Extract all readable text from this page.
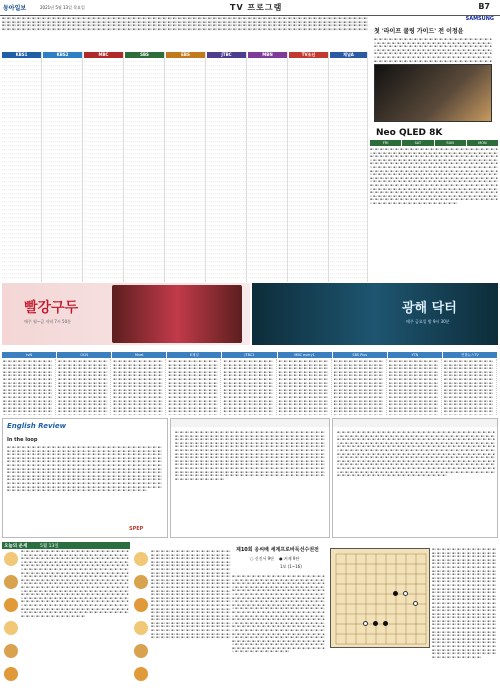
동아일보	2021년 5월 13일 목요일	TV 프로그램	B7
▪▫ ▪▫ ▪▫ ▪▫ ▪▫ ▪▫ ▪▫ ▪▫ ▪▫ ▪▫ ▪▫ ▪▫ ▪▫ ▪▫ ▪▫ ▪▫ ▪▫ ▪▫ ▪▫ ▪▫ ▪▫ ▪▫ ▪▫ ▪▫ ▪▫ ▪▫ ▪▫ ▪▫ ▪▫ ▪▫ ▪▫ ▪▫ ▪▫ ▪▫ ▪▫ ▪▫ ▪▫ ▪▫ ▪▫ ▪▫ ▪▫ ▪▫ ▪▫ ▪▫ ▪▫ ▪▫ ▪▫ ▪▫ ▪▫ ▪▫ ▪▫ ▪▫ ▪▫ ▪▫ ▪▫ ▪▫ ▪▫ ▪▫ ▪▫ ▪▫ ▪▫ ▪▫ ▪▫ ▪▫ ▪▫ ▪▫ ▪▫ ▪▫ ▪▫ ▪▫ ▪▫ ▪▫ ▪▫ ▪▫ ▪▫ ▪▫ ▪▫ ▪▫ ▪▫ ▪▫ ▪▫ ▪▫ ▪▫ ▪▫ ▪▫ ▪▫ ▪▫ ▪▫ ▪▫ ▪▫ ▪▫ ▪▫ ▪▫ ▪▫ ▪▫ ▪▫ ▪▫ ▪▫ ▪▫ ▪▫ ▪▫ ▪▫ ▪▫ ▪▫ ▪▫ ▪▫ ▪▫ ▪▫ ▪▫ ▪▫ ▪▫ ▪▫ ▪▫ ▪▫ ▪▫ ▪▫ ▪▫ ▪▫ ▪▫ ▪▫ ▪▫ ▪▫ ▪▫ ▪▫ ▪▫ ▪▫ ▪▫ ▪▫ ▪▫ ▪▫ ▪▫ ▪▫ ▪▫ ▪▫ ▪▫ ▪▫ ▪▫ ▪▫ ▪▫ ▪▫ ▪▫ ▪▫ ▪▫ ▪▫ ▪▫ ▪▫ ▪▫ ▪▫ ▪▫ ▪▫ ▪▫ ▪▫ ▪▫ ▪▫ ▪▫ ▪▫ ▪▫ ▪▫ ▪▫ ▪▫ ▪▫ ▪▫ ▪▫ ▪▫ ▪▫ ▪▫ ▪▫ ▪▫ ▪▫ ▪▫ ▪▫ ▪▫ ▪▫ ▪▫ ▪▫ ▪▫ ▪▫ ▪▫ ▪▫ ▪▫ ▪▫ ▪▫ ▪▫ ▪▫ ▪▫ ▪▫ ▪▫ ▪▫ ▪▫ ▪▫ ▪▫ ▪▫ ▪▫ ▪▫ ▪▫ ▪▫ ▪▫ ▪▫ ▪▫ ▪▫ ▪▫ ▪▫ ▪▫ ▪▫ ▪▫ ▪▫ ▪▫ ▪▫ ▪▫ ▪▫ ▪▫ ▪▫ ▪▫ ▪▫ ▪▫ ▪▫ ▪▫ ▪▫ ▪▫ ▪▫ ▪▫ ▪▫ ▪▫ ▪▫ ▪▫ ▪▫ ▪▫ ▪▫ ▪▫ ▪▫ ▪▫ ▪▫ ▪▫ ▪▫ ▪▫ ▪▫ ▪▫ ▪▫ ▪▫ ▪▫ ▪▫ ▪▫ ▪▫ ▪▫ ▪▫ ▪▫ ▪▫ ▪▫ ▪▫ ▪▫ ▪▫ ▪▫ ▪▫ ▪▫ ▪▫ ▪▫ ▪▫ ▪▫ ▪▫ ▪▫ ▪▫ ▪▫ ▪▫ ▪▫ ▪▫ ▪▫ ▪▫ ▪▫ ▪▫ ▪▫ ▪▫ ▪▫ ▪▫ ▪▫ ▪▫ ▪▫ ▪▫ ▪▫ ▪▫ ▪▫ ▪▫ ▪▫ ▪▫ ▪▫ ▪▫ ▪▫ ▪▫ ▪▫ ▪▫ ▪▫ ▪▫ ▪▫
KBS1	KBS2	MBC	SBS	EBS	JTBC	MBN	TV조선	채널A
SAMSUNG
첫 '라이프 쿨링 가이드' 전 이정윤
▪▫ ▪▫ ▪▫ ▪▫ ▪▫ ▪▫ ▪▫ ▪▫ ▪▫ ▪▫ ▪▫ ▪▫ ▪▫ ▪▫ ▪▫ ▪▫ ▪▫ ▪▫ ▪▫ ▪▫ ▪▫ ▪▫ ▪▫ ▪▫ ▪▫ ▪▫ ▪▫ ▪▫ ▪▫ ▪▫ ▪▫ ▪▫ ▪▫ ▪▫ ▪▫ ▪▫ ▪▫ ▪▫ ▪▫ ▪▫ ▪▫ ▪▫ ▪▫ ▪▫ ▪▫ ▪▫ ▪▫ ▪▫ ▪▫ ▪▫ ▪▫ ▪▫ ▪▫ ▪▫ ▪▫ ▪▫ ▪▫ ▪▫ ▪▫ ▪▫ ▪▫ ▪▫ ▪▫ ▪▫ ▪▫ ▪▫ ▪▫ ▪▫ ▪▫ ▪▫ ▪▫ ▪▫ ▪▫ ▪▫ ▪▫ ▪▫ ▪▫ ▪▫ ▪▫ ▪▫ ▪▫ ▪▫ ▪▫ ▪▫ ▪▫ ▪▫ ▪▫ ▪▫ ▪▫ ▪▫ ▪▫ ▪▫ ▪▫ ▪▫ ▪▫ ▪▫ ▪▫ ▪▫ ▪▫ ▪▫ ▪▫ ▪▫ ▪▫ ▪▫ ▪▫ ▪▫ ▪▫ ▪▫ ▪▫ ▪▫ ▪▫ ▪▫ ▪▫ ▪▫ ▪▫ ▪▫ ▪▫ ▪▫ ▪▫ ▪▫ ▪▫ ▪▫ ▪▫ ▪▫ ▪▫ ▪▫ ▪▫ ▪▫ ▪▫ ▪▫ ▪▫ ▪▫ ▪▫ ▪▫ ▪▫ ▪▫ ▪▫ ▪▫ ▪▫ ▪▫ ▪▫ ▪▫ ▪▫ ▪▫ ▪▫ ▪▫ ▪▫ ▪▫ ▪▫ ▪▫ ▪▫ ▪▫ ▪▫ ▪▫ ▪▫ ▪▫ ▪▫ ▪▫ ▪▫ ▪▫ ▪▫ ▪▫ ▪▫ ▪▫ ▪
Neo QLED 8K
FRI	SAT	SUN	MON
▪▫ ▪▫ ▪▫ ▪▫ ▪▫ ▪▫ ▪▫ ▪▫ ▪▫ ▪▫ ▪▫ ▪▫ ▪▫ ▪▫ ▪▫ ▪▫ ▪▫ ▪▫ ▪▫ ▪▫ ▪▫ ▪▫ ▪▫ ▪▫ ▪▫ ▪▫ ▪▫ ▪▫ ▪▫ ▪▫ ▪▫ ▪▫ ▪▫ ▪▫ ▪▫ ▪▫ ▪▫ ▪▫ ▪▫ ▪▫ ▪▫ ▪▫ ▪▫ ▪▫ ▪▫ ▪▫ ▪▫ ▪▫ ▪▫ ▪▫ ▪▫ ▪▫ ▪▫ ▪▫ ▪▫ ▪▫ ▪▫ ▪▫ ▪▫ ▪▫ ▪▫ ▪▫ ▪▫ ▪▫ ▪▫ ▪▫ ▪▫ ▪▫ ▪▫ ▪▫ ▪▫ ▪▫ ▪▫ ▪▫ ▪▫ ▪▫ ▪▫ ▪▫ ▪▫ ▪▫ ▪▫ ▪▫ ▪▫ ▪▫ ▪▫ ▪▫ ▪▫ ▪▫ ▪▫ ▪▫ ▪▫ ▪▫ ▪▫ ▪▫ ▪▫ ▪▫ ▪▫ ▪▫ ▪▫ ▪▫ ▪▫ ▪▫ ▪▫ ▪▫ ▪▫ ▪▫ ▪▫ ▪▫ ▪▫ ▪▫ ▪▫ ▪▫ ▪▫ ▪▫ ▪▫ ▪▫ ▪▫ ▪▫ ▪▫ ▪▫ ▪▫ ▪▫ ▪▫ ▪▫ ▪▫ ▪▫ ▪▫ ▪▫ ▪▫ ▪▫ ▪▫ ▪▫ ▪▫ ▪▫ ▪▫ ▪▫ ▪▫ ▪▫ ▪▫ ▪▫ ▪▫ ▪▫ ▪▫ ▪▫ ▪▫ ▪▫ ▪▫ ▪▫ ▪▫ ▪▫ ▪▫ ▪▫ ▪▫ ▪▫ ▪▫ ▪▫ ▪▫ ▪▫ ▪▫ ▪▫ ▪▫ ▪▫ ▪▫ ▪▫ ▪▫ ▪▫ ▪▫ ▪▫ ▪▫ ▪▫ ▪▫ ▪▫ ▪▫ ▪▫ ▪▫ ▪▫ ▪▫ ▪▫ ▪▫ ▪▫ ▪▫ ▪▫ ▪▫ ▪▫ ▪▫ ▪▫ ▪▫ ▪▫ ▪▫ ▪▫ ▪▫ ▪▫ ▪▫ ▪▫ ▪▫ ▪▫ ▪▫ ▪▫ ▪▫ ▪▫ ▪▫ ▪▫ ▪▫ ▪▫ ▪▫ ▪▫ ▪▫ ▪▫ ▪▫ ▪▫ ▪▫ ▪▫ ▪▫ ▪▫ ▪▫ ▪▫ ▪▫ ▪▫ ▪▫ ▪▫ ▪▫ ▪▫ ▪▫ ▪▫ ▪▫ ▪▫ ▪▫ ▪▫ ▪▫ ▪▫ ▪▫ ▪▫ ▪▫ ▪▫ ▪▫ ▪▫ ▪▫ ▪▫ ▪▫ ▪▫ ▪▫ ▪▫ ▪▫ ▪▫ ▪▫ ▪▫ ▪▫ ▪▫ ▪▫ ▪▫ ▪▫ ▪▫ ▪▫ ▪▫ ▪▫ ▪▫ ▪▫ ▪▫ ▪▫ ▪▫ ▪▫ ▪▫ ▪▫ ▪▫ ▪▫ ▪▫ ▪▫ ▪▫ ▪▫ ▪▫ ▪▫ ▪▫ ▪▫ ▪▫ ▪▫ ▪▫ ▪▫ ▪▫ ▪▫ ▪▫ ▪▫ ▪▫ ▪▫ ▪▫ ▪▫ ▪▫ ▪▫ ▪▫ ▪▫ ▪▫ ▪▫ ▪▫ ▪▫ ▪▫ ▪▫ ▪▫ ▪▫ ▪▫ ▪▫ ▪▫ ▪▫ ▪▫ ▪▫ ▪▫ ▪▫ ▪▫ ▪▫ ▪▫ ▪▫ ▪▫ ▪▫ ▪▫ ▪▫ ▪▫ ▪▫ ▪▫ ▪▫ ▪▫ ▪▫ ▪▫ ▪▫ ▪▫ ▪▫ ▪▫ ▪▫ ▪▫ ▪▫ ▪▫ ▪▫ ▪▫ ▪▫ ▪▫ ▪▫ ▪▫ ▪▫ ▪▫ ▪▫ ▪▫ ▪▫ ▪▫ ▪▫ ▪▫ ▪▫ ▪▫ ▪▫ ▪▫ ▪▫ ▪▫ ▪▫ ▪▫ ▪▫ ▪▫ ▪▫ ▪▫ ▪▫ ▪▫ ▪▫ ▪▫ ▪▫ ▪▫ ▪▫ ▪▫ ▪▫ ▪▫ ▪▫ ▪▫ ▪▫ ▪▫ ▪▫ ▪▫ ▪▫ ▪▫ ▪▫ ▪▫ ▪▫ ▪▫ ▪▫ ▪▫ ▪▫ ▪▫ ▪▫ ▪▫ ▪▫ ▪▫ ▪▫ ▪▫ ▪▫ ▪▫ ▪▫ ▪▫ ▪▫ ▪▫ ▪▫ ▪▫ ▪▫ ▪▫ ▪▫ ▪▫ ▪▫ ▪▫
빨강구두
매주 월~금 저녁 7시 50분
광해 닥터
매주 금요일 밤 9시 30분
tvN	OCN	Mnet	E채널	JTBC2	MBC every1	SBS Plus	YTN	연합뉴스TV
▪▫ ▪▫ ▪▫ ▪▫ ▪▫ ▪▫ ▪▫ ▪▫ ▪▫ ▪▫ ▪▫ ▪▫ ▪▫ ▪▫ ▪▫ ▪▫ ▪▫ ▪▫ ▪▫ ▪▫ ▪▫ ▪▫ ▪▫ ▪▫ ▪▫ ▪▫ ▪▫ ▪▫ ▪▫ ▪▫ ▪▫ ▪▫ ▪▫ ▪▫ ▪▫ ▪▫ ▪▫ ▪▫ ▪▫ ▪▫ ▪▫ ▪▫ ▪▫ ▪▫ ▪▫ ▪▫ ▪▫ ▪▫ ▪▫ ▪▫ ▪▫ ▪▫ ▪▫ ▪▫ ▪▫ ▪▫ ▪▫ ▪▫ ▪▫ ▪▫ ▪▫ ▪▫ ▪▫ ▪▫ ▪▫ ▪▫ ▪▫ ▪▫ ▪▫ ▪▫ ▪▫ ▪▫ ▪▫ ▪▫ ▪▫ ▪▫ ▪▫ ▪▫ ▪▫ ▪▫ ▪▫ ▪▫ ▪▫ ▪▫ ▪▫ ▪▫ ▪▫ ▪▫ ▪▫ ▪▫ ▪▫ ▪▫ ▪▫ ▪▫ ▪▫ ▪▫ ▪▫ ▪▫ ▪▫ ▪▫ ▪▫ ▪▫ ▪▫ ▪▫ ▪▫ ▪▫ ▪▫ ▪▫ ▪▫ ▪▫ ▪▫ ▪▫ ▪▫ ▪▫ ▪▫ ▪▫ ▪▫ ▪▫ ▪▫ ▪▫ ▪▫ ▪▫ ▪▫ ▪▫ ▪▫ ▪▫ ▪▫ ▪▫ ▪▫ ▪▫ ▪▫ ▪▫ ▪▫ ▪▫ ▪▫ ▪▫ ▪▫ ▪▫ ▪▫ ▪▫ ▪▫ ▪▫ ▪▫ ▪▫ ▪▫ ▪▫ ▪▫ ▪▫ ▪▫ ▪▫ ▪▫ ▪▫ ▪▫ ▪▫ ▪▫ ▪▫ ▪▫ ▪▫ ▪▫ ▪▫
▪▫ ▪▫ ▪▫ ▪▫ ▪▫ ▪▫ ▪▫ ▪▫ ▪▫ ▪▫ ▪▫ ▪▫ ▪▫ ▪▫ ▪▫ ▪▫ ▪▫ ▪▫ ▪▫ ▪▫ ▪▫ ▪▫ ▪▫ ▪▫ ▪▫ ▪▫ ▪▫ ▪▫ ▪▫ ▪▫ ▪▫ ▪▫ ▪▫ ▪▫ ▪▫ ▪▫ ▪▫ ▪▫ ▪▫ ▪▫ ▪▫ ▪▫ ▪▫ ▪▫ ▪▫ ▪▫ ▪▫ ▪▫ ▪▫ ▪▫ ▪▫ ▪▫ ▪▫ ▪▫ ▪▫ ▪▫ ▪▫ ▪▫ ▪▫ ▪▫ ▪▫ ▪▫ ▪▫ ▪▫ ▪▫ ▪▫ ▪▫ ▪▫ ▪▫ ▪▫ ▪▫ ▪▫ ▪▫ ▪▫ ▪▫ ▪▫ ▪▫ ▪▫ ▪▫ ▪▫ ▪▫ ▪▫ ▪▫ ▪▫ ▪▫ ▪▫ ▪▫ ▪▫ ▪▫ ▪▫ ▪▫ ▪▫ ▪▫ ▪▫ ▪▫ ▪▫ ▪▫ ▪▫ ▪▫ ▪▫ ▪▫ ▪▫ ▪▫ ▪▫ ▪▫ ▪▫ ▪▫ ▪▫ ▪▫ ▪▫ ▪▫ ▪▫ ▪▫ ▪▫ ▪▫ ▪▫ ▪▫ ▪▫ ▪▫ ▪▫ ▪▫ ▪▫ ▪▫ ▪▫ ▪▫ ▪▫ ▪▫ ▪▫ ▪▫ ▪▫ ▪▫ ▪▫ ▪▫ ▪▫ ▪▫ ▪▫ ▪▫ ▪▫ ▪▫ ▪▫ ▪▫ ▪▫ ▪▫ ▪▫ ▪▫ ▪▫ ▪▫ ▪▫ ▪▫ ▪▫ ▪▫ ▪▫ ▪▫ ▪▫ ▪▫ ▪▫ ▪▫ ▪▫ ▪▫ ▪▫
▪▫ ▪▫ ▪▫ ▪▫ ▪▫ ▪▫ ▪▫ ▪▫ ▪▫ ▪▫ ▪▫ ▪▫ ▪▫ ▪▫ ▪▫ ▪▫ ▪▫ ▪▫ ▪▫ ▪▫ ▪▫ ▪▫ ▪▫ ▪▫ ▪▫ ▪▫ ▪▫ ▪▫ ▪▫ ▪▫ ▪▫ ▪▫ ▪▫ ▪▫ ▪▫ ▪▫ ▪▫ ▪▫ ▪▫ ▪▫ ▪▫ ▪▫ ▪▫ ▪▫ ▪▫ ▪▫ ▪▫ ▪▫ ▪▫ ▪▫ ▪▫ ▪▫ ▪▫ ▪▫ ▪▫ ▪▫ ▪▫ ▪▫ ▪▫ ▪▫ ▪▫ ▪▫ ▪▫ ▪▫ ▪▫ ▪▫ ▪▫ ▪▫ ▪▫ ▪▫ ▪▫ ▪▫ ▪▫ ▪▫ ▪▫ ▪▫ ▪▫ ▪▫ ▪▫ ▪▫ ▪▫ ▪▫ ▪▫ ▪▫ ▪▫ ▪▫ ▪▫ ▪▫ ▪▫ ▪▫ ▪▫ ▪▫ ▪▫ ▪▫ ▪▫ ▪▫ ▪▫ ▪▫ ▪▫ ▪▫ ▪▫ ▪▫ ▪▫ ▪▫ ▪▫ ▪▫ ▪▫ ▪▫ ▪▫ ▪▫ ▪▫ ▪▫ ▪▫ ▪▫ ▪▫ ▪▫ ▪▫ ▪▫ ▪▫ ▪▫ ▪▫ ▪▫ ▪▫ ▪▫ ▪▫ ▪▫ ▪▫ ▪▫ ▪▫ ▪▫ ▪▫ ▪▫ ▪▫ ▪▫ ▪▫ ▪▫ ▪▫ ▪▫ ▪▫ ▪▫ ▪▫ ▪▫ ▪▫ ▪▫ ▪▫ ▪▫ ▪▫ ▪▫ ▪▫ ▪▫ ▪▫ ▪▫ ▪▫ ▪▫ ▪▫ ▪▫ ▪▫ ▪▫ ▪▫ ▪▫
▪▫ ▪▫ ▪▫ ▪▫ ▪▫ ▪▫ ▪▫ ▪▫ ▪▫ ▪▫ ▪▫ ▪▫ ▪▫ ▪▫ ▪▫ ▪▫ ▪▫ ▪▫ ▪▫ ▪▫ ▪▫ ▪▫ ▪▫ ▪▫ ▪▫ ▪▫ ▪▫ ▪▫ ▪▫ ▪▫ ▪▫ ▪▫ ▪▫ ▪▫ ▪▫ ▪▫ ▪▫ ▪▫ ▪▫ ▪▫ ▪▫ ▪▫ ▪▫ ▪▫ ▪▫ ▪▫ ▪▫ ▪▫ ▪▫ ▪▫ ▪▫ ▪▫ ▪▫ ▪▫ ▪▫ ▪▫ ▪▫ ▪▫ ▪▫ ▪▫ ▪▫ ▪▫ ▪▫ ▪▫ ▪▫ ▪▫ ▪▫ ▪▫ ▪▫ ▪▫ ▪▫ ▪▫ ▪▫ ▪▫ ▪▫ ▪▫ ▪▫ ▪▫ ▪▫ ▪▫ ▪▫ ▪▫ ▪▫ ▪▫ ▪▫ ▪▫ ▪▫ ▪▫ ▪▫ ▪▫ ▪▫ ▪▫ ▪▫ ▪▫ ▪▫ ▪▫ ▪▫ ▪▫ ▪▫ ▪▫ ▪▫ ▪▫ ▪▫ ▪▫ ▪▫ ▪▫ ▪▫ ▪▫ ▪▫ ▪▫ ▪▫ ▪▫ ▪▫ ▪▫ ▪▫ ▪▫ ▪▫ ▪▫ ▪▫ ▪▫ ▪▫ ▪▫ ▪▫ ▪▫ ▪▫ ▪▫ ▪▫ ▪▫ ▪▫ ▪▫ ▪▫ ▪▫ ▪▫ ▪▫ ▪▫ ▪▫ ▪▫ ▪▫ ▪▫ ▪▫ ▪▫ ▪▫ ▪▫ ▪▫ ▪▫ ▪▫ ▪▫ ▪▫ ▪▫ ▪▫ ▪▫ ▪▫ ▪▫ ▪▫ ▪▫ ▪▫ ▪▫ ▪▫ ▪▫ ▪▫
▪▫ ▪▫ ▪▫ ▪▫ ▪▫ ▪▫ ▪▫ ▪▫ ▪▫ ▪▫ ▪▫ ▪▫ ▪▫ ▪▫ ▪▫ ▪▫ ▪▫ ▪▫ ▪▫ ▪▫ ▪▫ ▪▫ ▪▫ ▪▫ ▪▫ ▪▫ ▪▫ ▪▫ ▪▫ ▪▫ ▪▫ ▪▫ ▪▫ ▪▫ ▪▫ ▪▫ ▪▫ ▪▫ ▪▫ ▪▫ ▪▫ ▪▫ ▪▫ ▪▫ ▪▫ ▪▫ ▪▫ ▪▫ ▪▫ ▪▫ ▪▫ ▪▫ ▪▫ ▪▫ ▪▫ ▪▫ ▪▫ ▪▫ ▪▫ ▪▫ ▪▫ ▪▫ ▪▫ ▪▫ ▪▫ ▪▫ ▪▫ ▪▫ ▪▫ ▪▫ ▪▫ ▪▫ ▪▫ ▪▫ ▪▫ ▪▫ ▪▫ ▪▫ ▪▫ ▪▫ ▪▫ ▪▫ ▪▫ ▪▫ ▪▫ ▪▫ ▪▫ ▪▫ ▪▫ ▪▫ ▪▫ ▪▫ ▪▫ ▪▫ ▪▫ ▪▫ ▪▫ ▪▫ ▪▫ ▪▫ ▪▫ ▪▫ ▪▫ ▪▫ ▪▫ ▪▫ ▪▫ ▪▫ ▪▫ ▪▫ ▪▫ ▪▫ ▪▫ ▪▫ ▪▫ ▪▫ ▪▫ ▪▫ ▪▫ ▪▫ ▪▫ ▪▫ ▪▫ ▪▫ ▪▫ ▪▫ ▪▫ ▪▫ ▪▫ ▪▫ ▪▫ ▪▫ ▪▫ ▪▫ ▪▫ ▪▫ ▪▫ ▪▫ ▪▫ ▪▫ ▪▫ ▪▫ ▪▫ ▪▫ ▪▫ ▪▫ ▪▫ ▪▫ ▪▫ ▪▫ ▪▫ ▪▫ ▪▫ ▪▫ ▪▫ ▪▫ ▪▫ ▪▫ ▪▫ ▪▫
▪▫ ▪▫ ▪▫ ▪▫ ▪▫ ▪▫ ▪▫ ▪▫ ▪▫ ▪▫ ▪▫ ▪▫ ▪▫ ▪▫ ▪▫ ▪▫ ▪▫ ▪▫ ▪▫ ▪▫ ▪▫ ▪▫ ▪▫ ▪▫ ▪▫ ▪▫ ▪▫ ▪▫ ▪▫ ▪▫ ▪▫ ▪▫ ▪▫ ▪▫ ▪▫ ▪▫ ▪▫ ▪▫ ▪▫ ▪▫ ▪▫ ▪▫ ▪▫ ▪▫ ▪▫ ▪▫ ▪▫ ▪▫ ▪▫ ▪▫ ▪▫ ▪▫ ▪▫ ▪▫ ▪▫ ▪▫ ▪▫ ▪▫ ▪▫ ▪▫ ▪▫ ▪▫ ▪▫ ▪▫ ▪▫ ▪▫ ▪▫ ▪▫ ▪▫ ▪▫ ▪▫ ▪▫ ▪▫ ▪▫ ▪▫ ▪▫ ▪▫ ▪▫ ▪▫ ▪▫ ▪▫ ▪▫ ▪▫ ▪▫ ▪▫ ▪▫ ▪▫ ▪▫ ▪▫ ▪▫ ▪▫ ▪▫ ▪▫ ▪▫ ▪▫ ▪▫ ▪▫ ▪▫ ▪▫ ▪▫ ▪▫ ▪▫ ▪▫ ▪▫ ▪▫ ▪▫ ▪▫ ▪▫ ▪▫ ▪▫ ▪▫ ▪▫ ▪▫ ▪▫ ▪▫ ▪▫ ▪▫ ▪▫ ▪▫ ▪▫ ▪▫ ▪▫ ▪▫ ▪▫ ▪▫ ▪▫ ▪▫ ▪▫ ▪▫ ▪▫ ▪▫ ▪▫ ▪▫ ▪▫ ▪▫ ▪▫ ▪▫ ▪▫ ▪▫ ▪▫ ▪▫ ▪▫ ▪▫ ▪▫ ▪▫ ▪▫ ▪▫ ▪▫ ▪▫ ▪▫ ▪▫ ▪▫ ▪▫ ▪▫ ▪▫ ▪▫ ▪▫ ▪▫ ▪▫ ▪▫
▪▫ ▪▫ ▪▫ ▪▫ ▪▫ ▪▫ ▪▫ ▪▫ ▪▫ ▪▫ ▪▫ ▪▫ ▪▫ ▪▫ ▪▫ ▪▫ ▪▫ ▪▫ ▪▫ ▪▫ ▪▫ ▪▫ ▪▫ ▪▫ ▪▫ ▪▫ ▪▫ ▪▫ ▪▫ ▪▫ ▪▫ ▪▫ ▪▫ ▪▫ ▪▫ ▪▫ ▪▫ ▪▫ ▪▫ ▪▫ ▪▫ ▪▫ ▪▫ ▪▫ ▪▫ ▪▫ ▪▫ ▪▫ ▪▫ ▪▫ ▪▫ ▪▫ ▪▫ ▪▫ ▪▫ ▪▫ ▪▫ ▪▫ ▪▫ ▪▫ ▪▫ ▪▫ ▪▫ ▪▫ ▪▫ ▪▫ ▪▫ ▪▫ ▪▫ ▪▫ ▪▫ ▪▫ ▪▫ ▪▫ ▪▫ ▪▫ ▪▫ ▪▫ ▪▫ ▪▫ ▪▫ ▪▫ ▪▫ ▪▫ ▪▫ ▪▫ ▪▫ ▪▫ ▪▫ ▪▫ ▪▫ ▪▫ ▪▫ ▪▫ ▪▫ ▪▫ ▪▫ ▪▫ ▪▫ ▪▫ ▪▫ ▪▫ ▪▫ ▪▫ ▪▫ ▪▫ ▪▫ ▪▫ ▪▫ ▪▫ ▪▫ ▪▫ ▪▫ ▪▫ ▪▫ ▪▫ ▪▫ ▪▫ ▪▫ ▪▫ ▪▫ ▪▫ ▪▫ ▪▫ ▪▫ ▪▫ ▪▫ ▪▫ ▪▫ ▪▫ ▪▫ ▪▫ ▪▫ ▪▫ ▪▫ ▪▫ ▪▫ ▪▫ ▪▫ ▪▫ ▪▫ ▪▫ ▪▫ ▪▫ ▪▫ ▪▫ ▪▫ ▪▫ ▪▫ ▪▫ ▪▫ ▪▫ ▪▫ ▪▫ ▪▫ ▪▫ ▪▫ ▪▫ ▪▫ ▪▫
▪▫ ▪▫ ▪▫ ▪▫ ▪▫ ▪▫ ▪▫ ▪▫ ▪▫ ▪▫ ▪▫ ▪▫ ▪▫ ▪▫ ▪▫ ▪▫ ▪▫ ▪▫ ▪▫ ▪▫ ▪▫ ▪▫ ▪▫ ▪▫ ▪▫ ▪▫ ▪▫ ▪▫ ▪▫ ▪▫ ▪▫ ▪▫ ▪▫ ▪▫ ▪▫ ▪▫ ▪▫ ▪▫ ▪▫ ▪▫ ▪▫ ▪▫ ▪▫ ▪▫ ▪▫ ▪▫ ▪▫ ▪▫ ▪▫ ▪▫ ▪▫ ▪▫ ▪▫ ▪▫ ▪▫ ▪▫ ▪▫ ▪▫ ▪▫ ▪▫ ▪▫ ▪▫ ▪▫ ▪▫ ▪▫ ▪▫ ▪▫ ▪▫ ▪▫ ▪▫ ▪▫ ▪▫ ▪▫ ▪▫ ▪▫ ▪▫ ▪▫ ▪▫ ▪▫ ▪▫ ▪▫ ▪▫ ▪▫ ▪▫ ▪▫ ▪▫ ▪▫ ▪▫ ▪▫ ▪▫ ▪▫ ▪▫ ▪▫ ▪▫ ▪▫ ▪▫ ▪▫ ▪▫ ▪▫ ▪▫ ▪▫ ▪▫ ▪▫ ▪▫ ▪▫ ▪▫ ▪▫ ▪▫ ▪▫ ▪▫ ▪▫ ▪▫ ▪▫ ▪▫ ▪▫ ▪▫ ▪▫ ▪▫ ▪▫ ▪▫ ▪▫ ▪▫ ▪▫ ▪▫ ▪▫ ▪▫ ▪▫ ▪▫ ▪▫ ▪▫ ▪▫ ▪▫ ▪▫ ▪▫ ▪▫ ▪▫ ▪▫ ▪▫ ▪▫ ▪▫ ▪▫ ▪▫ ▪▫ ▪▫ ▪▫ ▪▫ ▪▫ ▪▫ ▪▫ ▪▫ ▪▫ ▪▫ ▪▫ ▪▫ ▪▫ ▪▫ ▪▫ ▪▫ ▪▫ ▪▫
▪▫ ▪▫ ▪▫ ▪▫ ▪▫ ▪▫ ▪▫ ▪▫ ▪▫ ▪▫ ▪▫ ▪▫ ▪▫ ▪▫ ▪▫ ▪▫ ▪▫ ▪▫ ▪▫ ▪▫ ▪▫ ▪▫ ▪▫ ▪▫ ▪▫ ▪▫ ▪▫ ▪▫ ▪▫ ▪▫ ▪▫ ▪▫ ▪▫ ▪▫ ▪▫ ▪▫ ▪▫ ▪▫ ▪▫ ▪▫ ▪▫ ▪▫ ▪▫ ▪▫ ▪▫ ▪▫ ▪▫ ▪▫ ▪▫ ▪▫ ▪▫ ▪▫ ▪▫ ▪▫ ▪▫ ▪▫ ▪▫ ▪▫ ▪▫ ▪▫ ▪▫ ▪▫ ▪▫ ▪▫ ▪▫ ▪▫ ▪▫ ▪▫ ▪▫ ▪▫ ▪▫ ▪▫ ▪▫ ▪▫ ▪▫ ▪▫ ▪▫ ▪▫ ▪▫ ▪▫ ▪▫ ▪▫ ▪▫ ▪▫ ▪▫ ▪▫ ▪▫ ▪▫ ▪▫ ▪▫ ▪▫ ▪▫ ▪▫ ▪▫ ▪▫ ▪▫ ▪▫ ▪▫ ▪▫ ▪▫ ▪▫ ▪▫ ▪▫ ▪▫ ▪▫ ▪▫ ▪▫ ▪▫ ▪▫ ▪▫ ▪▫ ▪▫ ▪▫ ▪▫ ▪▫ ▪▫ ▪▫ ▪▫ ▪▫ ▪▫ ▪▫ ▪▫ ▪▫ ▪▫ ▪▫ ▪▫ ▪▫ ▪▫ ▪▫ ▪▫ ▪▫ ▪▫ ▪▫ ▪▫ ▪▫ ▪▫ ▪▫ ▪▫ ▪▫ ▪▫ ▪▫ ▪▫ ▪▫ ▪▫ ▪▫ ▪▫ ▪▫ ▪▫ ▪▫ ▪▫ ▪▫ ▪▫ ▪▫ ▪▫ ▪▫ ▪▫ ▪▫ ▪▫ ▪▫ ▪▫
English Review
In the loop
▪▫ ▪▫ ▪▫ ▪▫ ▪▫ ▪▫ ▪▫ ▪▫ ▪▫ ▪▫ ▪▫ ▪▫ ▪▫ ▪▫ ▪▫ ▪▫ ▪▫ ▪▫ ▪▫ ▪▫ ▪▫ ▪▫ ▪▫ ▪▫ ▪▫ ▪▫ ▪▫ ▪▫ ▪▫ ▪▫ ▪▫ ▪▫ ▪▫ ▪▫ ▪▫ ▪▫ ▪▫ ▪▫ ▪▫ ▪▫ ▪▫ ▪▫ ▪▫ ▪▫ ▪▫ ▪▫ ▪▫ ▪▫ ▪▫ ▪▫ ▪▫ ▪▫ ▪▫ ▪▫ ▪▫ ▪▫ ▪▫ ▪▫ ▪▫ ▪▫ ▪▫ ▪▫ ▪▫ ▪▫ ▪▫ ▪▫ ▪▫ ▪▫ ▪▫ ▪▫ ▪▫ ▪▫ ▪▫ ▪▫ ▪▫ ▪▫ ▪▫ ▪▫ ▪▫ ▪▫ ▪▫ ▪▫ ▪▫ ▪▫ ▪▫ ▪▫ ▪▫ ▪▫ ▪▫ ▪▫ ▪▫ ▪▫ ▪▫ ▪▫ ▪▫ ▪▫ ▪▫ ▪▫ ▪▫ ▪▫ ▪▫ ▪▫ ▪▫ ▪▫ ▪▫ ▪▫ ▪▫ ▪▫ ▪▫ ▪▫ ▪▫ ▪▫ ▪▫ ▪▫ ▪▫ ▪▫ ▪▫ ▪▫ ▪▫ ▪▫ ▪▫ ▪▫ ▪▫ ▪▫ ▪▫ ▪▫ ▪▫ ▪▫ ▪▫ ▪▫ ▪▫ ▪▫ ▪▫ ▪▫ ▪▫ ▪▫ ▪▫ ▪▫ ▪▫ ▪▫ ▪▫ ▪▫ ▪▫ ▪▫ ▪▫ ▪▫ ▪▫ ▪▫ ▪▫ ▪▫ ▪▫ ▪▫ ▪▫ ▪▫ ▪▫ ▪▫ ▪▫ ▪▫ ▪▫ ▪▫ ▪▫ ▪▫ ▪▫ ▪▫ ▪▫ ▪▫ ▪▫ ▪▫ ▪▫ ▪▫ ▪▫ ▪▫ ▪▫ ▪▫ ▪▫ ▪▫ ▪▫ ▪▫ ▪▫ ▪▫ ▪▫ ▪▫ ▪▫ ▪▫ ▪▫ ▪▫ ▪▫ ▪▫ ▪▫ ▪▫ ▪▫ ▪▫ ▪▫ ▪▫ ▪▫ ▪▫ ▪▫ ▪▫ ▪▫ ▪▫ ▪▫ ▪▫ ▪▫ ▪▫ ▪▫ ▪▫ ▪▫ ▪▫ ▪▫ ▪▫ ▪▫ ▪▫ ▪▫ ▪▫ ▪▫ ▪▫ ▪▫ ▪▫ ▪▫ ▪▫ ▪▫ ▪▫ ▪▫ ▪▫ ▪▫ ▪▫ ▪▫ ▪▫ ▪▫ ▪▫ ▪▫ ▪▫ ▪▫ ▪▫ ▪▫ ▪▫ ▪▫ ▪▫ ▪▫ ▪▫ ▪▫ ▪▫ ▪▫ ▪▫ ▪▫ ▪▫ ▪▫ ▪▫ ▪▫ ▪▫ ▪▫ ▪▫ ▪▫ ▪▫ ▪▫ ▪▫ ▪▫ ▪▫ ▪▫ ▪▫ ▪▫ ▪▫ ▪▫ ▪▫ ▪▫ ▪▫ ▪▫ ▪▫ ▪▫ ▪▫ ▪▫ ▪▫ ▪▫ ▪▫ ▪▫ ▪▫ ▪▫ ▪▫ ▪▫ ▪▫ ▪▫ ▪▫ ▪▫ ▪▫ ▪▫ ▪▫ ▪▫ ▪▫ ▪▫ ▪▫ ▪▫ ▪▫ ▪▫ ▪▫ ▪▫ ▪▫ ▪▫ ▪▫ ▪▫ ▪▫ ▪▫ ▪▫ ▪▫ ▪▫ ▪▫ ▪▫ ▪▫ ▪▫ ▪▫ ▪▫ ▪▫ ▪▫ ▪▫ ▪▫ ▪▫ ▪▫ ▪▫ ▪▫ ▪▫ ▪▫ ▪▫ ▪▫ ▪▫ ▪▫ ▪▫ ▪▫ ▪▫ ▪▫ ▪▫ ▪▫ ▪▫ ▪▫ ▪▫ ▪▫ ▪▫ ▪▫ ▪▫ ▪▫ ▪▫ ▪▫ ▪▫ ▪▫ ▪▫ ▪▫ ▪▫ ▪▫ ▪▫ ▪▫ ▪▫ ▪▫ ▪▫ ▪▫ ▪▫ ▪▫ ▪▫ ▪▫ ▪▫ ▪▫ ▪▫ ▪▫ ▪▫ ▪▫ ▪▫ ▪▫ ▪▫ ▪▫ ▪▫ ▪▫ ▪▫ ▪▫ ▪▫ ▪▫ ▪▫ ▪▫ ▪▫ ▪▫ ▪▫ ▪▫ ▪▫ ▪▫ ▪▫ ▪▫ ▪▫ ▪▫ ▪▫ ▪▫ ▪▫ ▪▫ ▪▫ ▪▫ ▪▫ ▪▫ ▪▫ ▪▫ ▪▫ ▪▫ ▪▫ ▪▫ ▪▫ ▪▫
SPEP
▪▫ ▪▫ ▪▫ ▪▫ ▪▫ ▪▫ ▪▫ ▪▫ ▪▫ ▪▫ ▪▫ ▪▫ ▪▫ ▪▫ ▪▫ ▪▫ ▪▫ ▪▫ ▪▫ ▪▫ ▪▫ ▪▫ ▪▫ ▪▫ ▪▫ ▪▫ ▪▫ ▪▫ ▪▫ ▪▫ ▪▫ ▪▫ ▪▫ ▪▫ ▪▫ ▪▫ ▪▫ ▪▫ ▪▫ ▪▫ ▪▫ ▪▫ ▪▫ ▪▫ ▪▫ ▪▫ ▪▫ ▪▫ ▪▫ ▪▫ ▪▫ ▪▫ ▪▫ ▪▫ ▪▫ ▪▫ ▪▫ ▪▫ ▪▫ ▪▫ ▪▫ ▪▫ ▪▫ ▪▫ ▪▫ ▪▫ ▪▫ ▪▫ ▪▫ ▪▫ ▪▫ ▪▫ ▪▫ ▪▫ ▪▫ ▪▫ ▪▫ ▪▫ ▪▫ ▪▫ ▪▫ ▪▫ ▪▫ ▪▫ ▪▫ ▪▫ ▪▫ ▪▫ ▪▫ ▪▫ ▪▫ ▪▫ ▪▫ ▪▫ ▪▫ ▪▫ ▪▫ ▪▫ ▪▫ ▪▫ ▪▫ ▪▫ ▪▫ ▪▫ ▪▫ ▪▫ ▪▫ ▪▫ ▪▫ ▪▫ ▪▫ ▪▫ ▪▫ ▪▫ ▪▫ ▪▫ ▪▫ ▪▫ ▪▫ ▪▫ ▪▫ ▪▫ ▪▫ ▪▫ ▪▫ ▪▫ ▪▫ ▪▫ ▪▫ ▪▫ ▪▫ ▪▫ ▪▫ ▪▫ ▪▫ ▪▫ ▪▫ ▪▫ ▪▫ ▪▫ ▪▫ ▪▫ ▪▫ ▪▫ ▪▫ ▪▫ ▪▫ ▪▫ ▪▫ ▪▫ ▪▫ ▪▫ ▪▫ ▪▫ ▪▫ ▪▫ ▪▫ ▪▫ ▪▫ ▪▫ ▪▫ ▪▫ ▪▫ ▪▫ ▪▫ ▪▫ ▪▫ ▪▫ ▪▫ ▪▫ ▪▫ ▪▫ ▪▫ ▪▫ ▪▫ ▪▫ ▪▫ ▪▫ ▪▫ ▪▫ ▪▫ ▪▫ ▪▫ ▪▫ ▪▫ ▪▫ ▪▫ ▪▫ ▪▫ ▪▫ ▪▫ ▪▫ ▪▫ ▪▫ ▪▫ ▪▫ ▪▫ ▪▫ ▪▫ ▪▫ ▪▫ ▪▫ ▪▫ ▪▫ ▪▫ ▪▫ ▪▫ ▪▫ ▪▫ ▪▫ ▪▫ ▪▫ ▪▫ ▪▫ ▪▫ ▪▫ ▪▫ ▪▫ ▪▫ ▪▫ ▪▫ ▪▫ ▪▫ ▪▫ ▪▫ ▪▫ ▪▫ ▪▫ ▪▫ ▪▫ ▪▫ ▪▫ ▪▫ ▪▫ ▪▫ ▪▫ ▪▫ ▪▫ ▪▫ ▪▫ ▪▫ ▪▫ ▪▫ ▪▫ ▪▫ ▪▫ ▪▫ ▪▫ ▪▫ ▪▫ ▪▫ ▪▫ ▪▫ ▪▫ ▪▫ ▪▫ ▪▫ ▪▫ ▪▫ ▪▫ ▪▫ ▪▫ ▪▫ ▪▫ ▪▫ ▪▫ ▪▫ ▪▫ ▪▫ ▪▫ ▪▫ ▪▫ ▪▫ ▪▫ ▪▫ ▪▫ ▪▫ ▪▫ ▪▫ ▪▫ ▪▫ ▪▫ ▪▫ ▪▫ ▪▫ ▪▫ ▪▫ ▪▫ ▪▫ ▪▫ ▪▫ ▪▫ ▪▫ ▪▫ ▪▫ ▪▫ ▪▫ ▪▫ ▪▫ ▪▫ ▪▫ ▪▫ ▪▫ ▪▫ ▪▫ ▪▫ ▪▫ ▪▫ ▪▫ ▪▫ ▪▫ ▪▫ ▪▫ ▪▫ ▪▫ ▪▫ ▪▫ ▪▫ ▪▫ ▪▫ ▪▫ ▪▫ ▪▫ ▪▫ ▪▫ ▪▫ ▪▫ ▪▫ ▪▫ ▪▫ ▪▫ ▪▫ ▪▫ ▪▫ ▪▫ ▪▫ ▪▫ ▪▫ ▪▫ ▪▫ ▪▫ ▪▫ ▪▫ ▪▫ ▪▫ ▪▫ ▪▫ ▪▫ ▪▫ ▪▫ ▪▫ ▪▫ ▪▫ ▪▫ ▪▫ ▪▫ ▪▫ ▪▫ ▪▫ ▪▫ ▪▫ ▪▫ ▪▫ ▪▫ ▪▫ ▪▫ ▪▫ ▪▫ ▪▫ ▪▫ ▪▫ ▪▫ ▪▫ ▪▫ ▪▫ ▪▫ ▪▫ ▪▫ ▪▫ ▪▫ ▪▫ ▪▫ ▪▫ ▪▫ ▪▫ ▪▫ ▪▫ ▪▫ ▪▫ ▪▫ ▪▫ ▪▫ ▪▫ ▪▫ ▪▫ ▪▫ ▪▫ ▪▫ ▪▫ ▪▫
▪▫ ▪▫ ▪▫ ▪▫ ▪▫ ▪▫ ▪▫ ▪▫ ▪▫ ▪▫ ▪▫ ▪▫ ▪▫ ▪▫ ▪▫ ▪▫ ▪▫ ▪▫ ▪▫ ▪▫ ▪▫ ▪▫ ▪▫ ▪▫ ▪▫ ▪▫ ▪▫ ▪▫ ▪▫ ▪▫ ▪▫ ▪▫ ▪▫ ▪▫ ▪▫ ▪▫ ▪▫ ▪▫ ▪▫ ▪▫ ▪▫ ▪▫ ▪▫ ▪▫ ▪▫ ▪▫ ▪▫ ▪▫ ▪▫ ▪▫ ▪▫ ▪▫ ▪▫ ▪▫ ▪▫ ▪▫ ▪▫ ▪▫ ▪▫ ▪▫ ▪▫ ▪▫ ▪▫ ▪▫ ▪▫ ▪▫ ▪▫ ▪▫ ▪▫ ▪▫ ▪▫ ▪▫ ▪▫ ▪▫ ▪▫ ▪▫ ▪▫ ▪▫ ▪▫ ▪▫ ▪▫ ▪▫ ▪▫ ▪▫ ▪▫ ▪▫ ▪▫ ▪▫ ▪▫ ▪▫ ▪▫ ▪▫ ▪▫ ▪▫ ▪▫ ▪▫ ▪▫ ▪▫ ▪▫ ▪▫ ▪▫ ▪▫ ▪▫ ▪▫ ▪▫ ▪▫ ▪▫ ▪▫ ▪▫ ▪▫ ▪▫ ▪▫ ▪▫ ▪▫ ▪▫ ▪▫ ▪▫ ▪▫ ▪▫ ▪▫ ▪▫ ▪▫ ▪▫ ▪▫ ▪▫ ▪▫ ▪▫ ▪▫ ▪▫ ▪▫ ▪▫ ▪▫ ▪▫ ▪▫ ▪▫ ▪▫ ▪▫ ▪▫ ▪▫ ▪▫ ▪▫ ▪▫ ▪▫ ▪▫ ▪▫ ▪▫ ▪▫ ▪▫ ▪▫ ▪▫ ▪▫ ▪▫ ▪▫ ▪▫ ▪▫ ▪▫ ▪▫ ▪▫ ▪▫ ▪▫ ▪▫ ▪▫ ▪▫ ▪▫ ▪▫ ▪▫ ▪▫ ▪▫ ▪▫ ▪▫ ▪▫ ▪▫ ▪▫ ▪▫ ▪▫ ▪▫ ▪▫ ▪▫ ▪▫ ▪▫ ▪▫ ▪▫ ▪▫ ▪▫ ▪▫ ▪▫ ▪▫ ▪▫ ▪▫ ▪▫ ▪▫ ▪▫ ▪▫ ▪▫ ▪▫ ▪▫ ▪▫ ▪▫ ▪▫ ▪▫ ▪▫ ▪▫ ▪▫ ▪▫ ▪▫ ▪▫ ▪▫ ▪▫ ▪▫ ▪▫ ▪▫ ▪▫ ▪▫ ▪▫ ▪▫ ▪▫ ▪▫ ▪▫ ▪▫ ▪▫ ▪▫ ▪▫ ▪▫ ▪▫ ▪▫ ▪▫ ▪▫ ▪▫ ▪▫ ▪▫ ▪▫ ▪▫ ▪▫ ▪▫ ▪▫ ▪▫ ▪▫ ▪▫ ▪▫ ▪▫ ▪▫ ▪▫ ▪▫ ▪▫ ▪▫ ▪▫ ▪▫ ▪▫ ▪▫ ▪▫ ▪▫ ▪▫ ▪▫ ▪▫ ▪▫ ▪▫ ▪▫ ▪▫ ▪▫ ▪▫ ▪▫ ▪▫ ▪▫ ▪▫ ▪▫ ▪▫ ▪▫ ▪▫ ▪▫ ▪▫ ▪▫ ▪▫ ▪▫ ▪▫ ▪▫ ▪▫ ▪▫ ▪▫ ▪▫ ▪▫ ▪▫ ▪▫ ▪▫ ▪▫ ▪▫ ▪▫ ▪▫ ▪▫ ▪▫ ▪▫ ▪▫ ▪▫ ▪▫ ▪▫ ▪▫ ▪▫ ▪▫ ▪▫ ▪▫ ▪▫ ▪▫ ▪▫ ▪▫ ▪▫ ▪▫ ▪▫ ▪▫ ▪▫ ▪▫ ▪▫ ▪▫ ▪▫ ▪▫ ▪▫ ▪▫ ▪▫ ▪▫ ▪▫ ▪▫ ▪▫ ▪▫ ▪▫ ▪▫ ▪▫ ▪▫ ▪▫ ▪▫ ▪▫ ▪▫ ▪▫ ▪▫ ▪▫ ▪▫ ▪▫ ▪▫ ▪▫ ▪▫ ▪▫ ▪▫ ▪▫ ▪▫ ▪▫ ▪▫ ▪▫ ▪▫ ▪▫ ▪▫ ▪▫ ▪▫ ▪▫ ▪▫ ▪▫ ▪▫ ▪▫ ▪▫ ▪▫ ▪▫ ▪▫ ▪▫ ▪▫ ▪▫ ▪▫ ▪▫ ▪▫ ▪▫ ▪▫ ▪▫ ▪▫ ▪▫ ▪▫ ▪▫ ▪▫ ▪▫ ▪▫ ▪▫ ▪▫ ▪▫ ▪▫ ▪▫ ▪▫ ▪▫ ▪▫ ▪▫ ▪▫ ▪▫ ▪▫ ▪▫ ▪▫ ▪▫ ▪▫ ▪▫ ▪▫ ▪▫ ▪▫ ▪▫ ▪▫ ▪▫ ▪▫ ▪▫ ▪▫
오늘의 운세	5월 13일
▪▫ ▪▫ ▪▫ ▪▫ ▪▫ ▪▫ ▪▫ ▪▫ ▪▫ ▪▫ ▪▫ ▪▫ ▪▫ ▪▫ ▪▫ ▪▫ ▪▫ ▪▫ ▪▫ ▪▫ ▪▫ ▪▫ ▪▫ ▪▫ ▪▫ ▪▫ ▪▫ ▪▫ ▪▫ ▪▫ ▪▫ ▪▫ ▪▫ ▪▫ ▪▫ ▪▫ ▪▫ ▪▫ ▪▫ ▪▫ ▪▫ ▪▫ ▪▫ ▪▫ ▪▫ ▪▫ ▪▫ ▪▫ ▪▫ ▪▫ ▪▫ ▪▫ ▪▫ ▪▫ ▪▫ ▪▫ ▪▫ ▪▫ ▪▫ ▪▫ ▪▫ ▪▫ ▪▫ ▪▫ ▪▫ ▪▫ ▪▫ ▪▫ ▪▫ ▪▫ ▪▫ ▪▫ ▪▫ ▪▫ ▪▫ ▪▫ ▪▫ ▪▫ ▪▫ ▪▫ ▪▫ ▪▫ ▪▫ ▪▫ ▪▫ ▪▫ ▪▫ ▪▫ ▪▫ ▪▫ ▪▫ ▪▫ ▪▫ ▪▫ ▪▫ ▪▫ ▪▫ ▪▫ ▪▫ ▪▫ ▪▫ ▪▫ ▪▫ ▪▫ ▪▫ ▪▫ ▪▫ ▪▫ ▪▫ ▪▫ ▪▫ ▪▫ ▪▫ ▪▫ ▪▫ ▪▫ ▪▫ ▪▫ ▪▫ ▪▫ ▪▫ ▪▫ ▪▫ ▪▫ ▪▫ ▪▫ ▪▫ ▪▫ ▪▫ ▪▫ ▪▫ ▪▫ ▪▫ ▪▫ ▪▫ ▪▫ ▪▫ ▪▫ ▪▫ ▪▫ ▪▫ ▪▫ ▪▫ ▪▫ ▪▫ ▪▫ ▪▫ ▪▫ ▪▫ ▪▫ ▪▫ ▪▫ ▪▫ ▪▫ ▪▫ ▪▫ ▪▫ ▪▫ ▪▫ ▪▫ ▪▫ ▪▫ ▪▫ ▪▫ ▪▫ ▪▫ ▪▫ ▪▫ ▪▫ ▪▫ ▪▫ ▪▫ ▪▫ ▪▫ ▪▫ ▪▫ ▪▫ ▪▫ ▪▫ ▪▫ ▪▫ ▪▫ ▪▫ ▪▫ ▪▫ ▪▫ ▪▫ ▪▫ ▪▫ ▪▫ ▪▫ ▪▫ ▪▫ ▪▫ ▪▫ ▪▫ ▪▫ ▪▫ ▪▫ ▪▫ ▪▫ ▪▫ ▪▫ ▪▫ ▪▫ ▪▫ ▪▫ ▪▫ ▪▫ ▪▫ ▪▫ ▪▫ ▪▫ ▪▫ ▪▫ ▪▫ ▪▫ ▪▫ ▪▫ ▪▫ ▪▫ ▪▫ ▪▫ ▪▫ ▪▫ ▪▫ ▪▫ ▪▫ ▪▫ ▪▫ ▪▫ ▪▫ ▪▫ ▪▫ ▪▫ ▪▫ ▪▫ ▪▫ ▪▫ ▪▫ ▪▫ ▪▫ ▪▫ ▪▫ ▪▫ ▪▫ ▪▫ ▪▫ ▪▫ ▪▫ ▪▫ ▪▫ ▪▫ ▪▫ ▪▫ ▪▫ ▪▫ ▪▫ ▪▫ ▪▫ ▪▫ ▪▫ ▪▫ ▪▫ ▪▫ ▪▫ ▪▫ ▪▫ ▪▫ ▪▫ ▪▫ ▪▫ ▪▫ ▪▫ ▪▫ ▪▫ ▪▫ ▪▫ ▪▫ ▪▫ ▪▫ ▪▫ ▪▫ ▪▫ ▪▫ ▪▫ ▪▫ ▪▫ ▪▫ ▪▫ ▪▫ ▪▫ ▪▫ ▪▫ ▪▫ ▪▫ ▪▫ ▪▫ ▪▫ ▪▫ ▪▫ ▪▫ ▪▫ ▪▫ ▪▫ ▪▫ ▪▫ ▪▫ ▪▫ ▪▫ ▪▫ ▪▫ ▪▫ ▪▫ ▪▫ ▪▫ ▪▫ ▪▫ ▪▫ ▪▫ ▪▫ ▪▫ ▪▫ ▪▫ ▪▫ ▪▫ ▪▫ ▪▫ ▪▫ ▪▫ ▪▫ ▪▫ ▪▫ ▪▫ ▪▫ ▪▫ ▪▫ ▪▫ ▪▫ ▪▫ ▪▫ ▪▫ ▪▫ ▪▫ ▪▫ ▪▫ ▪▫ ▪▫ ▪▫ ▪▫ ▪▫ ▪▫ ▪▫ ▪▫ ▪▫ ▪▫ ▪▫ ▪▫ ▪▫ ▪▫ ▪▫ ▪▫ ▪▫ ▪▫ ▪▫ ▪▫ ▪▫ ▪▫ ▪▫ ▪▫ ▪▫ ▪▫ ▪▫ ▪▫ ▪▫ ▪▫ ▪▫ ▪▫ ▪▫ ▪▫ ▪▫ ▪▫ ▪▫ ▪▫ ▪▫ ▪▫ ▪▫ ▪▫ ▪▫ ▪▫ ▪▫ ▪▫ ▪▫ ▪▫ ▪▫ ▪▫ ▪▫ ▪▫ ▪▫ ▪▫
▪▫ ▪▫ ▪▫ ▪▫ ▪▫ ▪▫ ▪▫ ▪▫ ▪▫ ▪▫ ▪▫ ▪▫ ▪▫ ▪▫ ▪▫ ▪▫ ▪▫ ▪▫ ▪▫ ▪▫ ▪▫ ▪▫ ▪▫ ▪▫ ▪▫ ▪▫ ▪▫ ▪▫ ▪▫ ▪▫ ▪▫ ▪▫ ▪▫ ▪▫ ▪▫ ▪▫ ▪▫ ▪▫ ▪▫ ▪▫ ▪▫ ▪▫ ▪▫ ▪▫ ▪▫ ▪▫ ▪▫ ▪▫ ▪▫ ▪▫ ▪▫ ▪▫ ▪▫ ▪▫ ▪▫ ▪▫ ▪▫ ▪▫ ▪▫ ▪▫ ▪▫ ▪▫ ▪▫ ▪▫ ▪▫ ▪▫ ▪▫ ▪▫ ▪▫ ▪▫ ▪▫ ▪▫ ▪▫ ▪▫ ▪▫ ▪▫ ▪▫ ▪▫ ▪▫ ▪▫ ▪▫ ▪▫ ▪▫ ▪▫ ▪▫ ▪▫ ▪▫ ▪▫ ▪▫ ▪▫ ▪▫ ▪▫ ▪▫ ▪▫ ▪▫ ▪▫ ▪▫ ▪▫ ▪▫ ▪▫ ▪▫ ▪▫ ▪▫ ▪▫ ▪▫ ▪▫ ▪▫ ▪▫ ▪▫ ▪▫ ▪▫ ▪▫ ▪▫ ▪▫ ▪▫ ▪▫ ▪▫ ▪▫ ▪▫ ▪▫ ▪▫ ▪▫ ▪▫ ▪▫ ▪▫ ▪▫ ▪▫ ▪▫ ▪▫ ▪▫ ▪▫ ▪▫ ▪▫ ▪▫ ▪▫ ▪▫ ▪▫ ▪▫ ▪▫ ▪▫ ▪▫ ▪▫ ▪▫ ▪▫ ▪▫ ▪▫ ▪▫ ▪▫ ▪▫ ▪▫ ▪▫ ▪▫ ▪▫ ▪▫ ▪▫ ▪▫ ▪▫ ▪▫ ▪▫ ▪▫ ▪▫ ▪▫ ▪▫ ▪▫ ▪▫ ▪▫ ▪▫ ▪▫ ▪▫ ▪▫ ▪▫ ▪▫ ▪▫ ▪▫ ▪▫ ▪▫ ▪▫ ▪▫ ▪▫ ▪▫ ▪▫ ▪▫ ▪▫ ▪▫ ▪▫ ▪▫ ▪▫ ▪▫ ▪▫ ▪▫ ▪▫ ▪▫ ▪▫ ▪▫ ▪▫ ▪▫ ▪▫ ▪▫ ▪▫ ▪▫ ▪▫ ▪▫ ▪▫ ▪▫ ▪▫ ▪▫ ▪▫ ▪▫ ▪▫ ▪▫ ▪▫ ▪▫ ▪▫ ▪▫ ▪▫ ▪▫ ▪▫ ▪▫ ▪▫ ▪▫ ▪▫ ▪▫ ▪▫ ▪▫ ▪▫ ▪▫ ▪▫ ▪▫ ▪▫ ▪▫ ▪▫ ▪▫ ▪▫ ▪▫ ▪▫ ▪▫ ▪▫ ▪▫ ▪▫ ▪▫ ▪▫ ▪▫ ▪▫ ▪▫ ▪▫ ▪▫ ▪▫ ▪▫ ▪▫ ▪▫ ▪▫ ▪▫ ▪▫ ▪▫ ▪▫ ▪▫ ▪▫ ▪▫ ▪▫ ▪▫ ▪▫ ▪▫ ▪▫ ▪▫ ▪▫ ▪▫ ▪▫ ▪▫ ▪▫ ▪▫ ▪▫ ▪▫ ▪▫ ▪▫ ▪▫ ▪▫ ▪▫ ▪▫ ▪▫ ▪▫ ▪▫ ▪▫ ▪▫ ▪▫ ▪▫ ▪▫ ▪▫ ▪▫ ▪▫ ▪▫ ▪▫ ▪▫ ▪▫ ▪▫ ▪▫ ▪▫ ▪▫ ▪▫ ▪▫ ▪▫ ▪▫ ▪▫ ▪▫ ▪▫ ▪▫ ▪▫ ▪▫ ▪▫ ▪▫ ▪▫ ▪▫ ▪▫ ▪▫ ▪▫ ▪▫ ▪▫ ▪▫ ▪▫ ▪▫ ▪▫ ▪▫ ▪▫ ▪▫ ▪▫ ▪▫ ▪▫ ▪▫ ▪▫ ▪▫ ▪▫ ▪▫ ▪▫ ▪▫ ▪▫ ▪▫ ▪▫ ▪▫ ▪▫ ▪▫ ▪▫ ▪▫ ▪▫ ▪▫ ▪▫ ▪▫ ▪▫ ▪▫ ▪▫ ▪▫ ▪▫ ▪▫ ▪▫ ▪▫ ▪▫ ▪▫ ▪▫ ▪▫ ▪▫ ▪▫ ▪▫ ▪▫ ▪▫ ▪▫ ▪▫ ▪▫ ▪▫ ▪▫ ▪▫ ▪▫ ▪▫ ▪▫ ▪▫ ▪▫ ▪▫ ▪▫ ▪▫ ▪▫ ▪▫ ▪▫ ▪▫ ▪▫ ▪▫ ▪▫ ▪▫ ▪▫ ▪▫ ▪▫ ▪▫ ▪▫ ▪▫ ▪▫ ▪▫ ▪▫ ▪▫ ▪▫ ▪▫ ▪▫ ▪▫ ▪▫ ▪▫
제10회 응씨배 세계프로바둑선수권전
○ 신진서 9단 ● 커제 9단
1보 (1~16)
▪▫ ▪▫ ▪▫ ▪▫ ▪▫ ▪▫ ▪▫ ▪▫ ▪▫ ▪▫ ▪▫ ▪▫ ▪▫ ▪▫ ▪▫ ▪▫ ▪▫ ▪▫ ▪▫ ▪▫ ▪▫ ▪▫ ▪▫ ▪▫ ▪▫ ▪▫ ▪▫ ▪▫ ▪▫ ▪▫ ▪▫ ▪▫ ▪▫ ▪▫ ▪▫ ▪▫ ▪▫ ▪▫ ▪▫ ▪▫ ▪▫ ▪▫ ▪▫ ▪▫ ▪▫ ▪▫ ▪▫ ▪▫ ▪▫ ▪▫ ▪▫ ▪▫ ▪▫ ▪▫ ▪▫ ▪▫ ▪▫ ▪▫ ▪▫ ▪▫ ▪▫ ▪▫ ▪▫ ▪▫ ▪▫ ▪▫ ▪▫ ▪▫ ▪▫ ▪▫ ▪▫ ▪▫ ▪▫ ▪▫ ▪▫ ▪▫ ▪▫ ▪▫ ▪▫ ▪▫ ▪▫ ▪▫ ▪▫ ▪▫ ▪▫ ▪▫ ▪▫ ▪▫ ▪▫ ▪▫ ▪▫ ▪▫ ▪▫ ▪▫ ▪▫ ▪▫ ▪▫ ▪▫ ▪▫ ▪▫ ▪▫ ▪▫ ▪▫ ▪▫ ▪▫ ▪▫ ▪▫ ▪▫ ▪▫ ▪▫ ▪▫ ▪▫ ▪▫ ▪▫ ▪▫ ▪▫ ▪▫ ▪▫ ▪▫ ▪▫ ▪▫ ▪▫ ▪▫ ▪▫ ▪▫ ▪▫ ▪▫ ▪▫ ▪▫ ▪▫ ▪▫ ▪▫ ▪▫ ▪▫ ▪▫ ▪▫ ▪▫ ▪▫ ▪▫ ▪▫ ▪▫ ▪▫ ▪▫ ▪▫ ▪▫ ▪▫ ▪▫ ▪▫ ▪▫ ▪▫ ▪▫ ▪▫ ▪▫ ▪▫ ▪▫ ▪▫ ▪▫ ▪▫ ▪▫ ▪▫ ▪▫ ▪▫ ▪▫ ▪▫ ▪▫ ▪▫ ▪▫ ▪▫ ▪▫ ▪▫ ▪▫ ▪▫ ▪▫ ▪▫ ▪▫ ▪▫ ▪▫ ▪▫ ▪▫ ▪▫ ▪▫ ▪▫ ▪▫ ▪▫ ▪▫ ▪▫ ▪▫ ▪▫ ▪▫ ▪▫ ▪▫ ▪▫ ▪▫ ▪▫ ▪▫ ▪▫ ▪▫ ▪▫ ▪▫ ▪▫ ▪▫ ▪▫ ▪▫ ▪▫ ▪▫ ▪▫ ▪▫ ▪▫ ▪▫ ▪▫ ▪▫ ▪▫ ▪▫ ▪▫ ▪▫ ▪▫ ▪▫ ▪▫ ▪▫ ▪▫ ▪▫ ▪▫ ▪▫ ▪▫ ▪▫ ▪▫ ▪▫ ▪▫ ▪▫ ▪▫ ▪▫ ▪▫ ▪▫ ▪▫ ▪▫ ▪▫ ▪▫ ▪▫ ▪▫ ▪▫ ▪▫ ▪▫ ▪▫ ▪▫ ▪▫ ▪▫ ▪▫ ▪▫ ▪▫ ▪▫ ▪▫ ▪▫ ▪▫ ▪▫ ▪▫ ▪▫ ▪▫ ▪▫ ▪▫ ▪▫ ▪▫ ▪▫ ▪▫ ▪▫ ▪▫ ▪▫ ▪▫ ▪▫ ▪▫ ▪▫ ▪▫ ▪▫ ▪▫ ▪▫ ▪▫ ▪▫ ▪▫ ▪▫ ▪▫ ▪▫ ▪▫ ▪▫ ▪▫ ▪▫ ▪▫ ▪▫ ▪▫ ▪▫ ▪▫ ▪▫ ▪▫ ▪▫ ▪▫ ▪▫ ▪▫ ▪▫ ▪▫ ▪▫ ▪▫ ▪▫ ▪▫ ▪▫ ▪▫ ▪▫ ▪▫ ▪▫ ▪▫ ▪▫ ▪▫ ▪▫ ▪▫ ▪▫ ▪▫ ▪▫ ▪▫ ▪▫ ▪▫ ▪▫ ▪▫ ▪▫ ▪▫ ▪▫ ▪▫ ▪▫ ▪▫ ▪▫ ▪▫ ▪▫ ▪▫ ▪▫ ▪▫ ▪▫ ▪▫ ▪▫ ▪▫ ▪▫ ▪▫ ▪▫ ▪▫ ▪▫ ▪▫ ▪▫ ▪▫ ▪▫ ▪▫ ▪▫ ▪▫ ▪▫ ▪▫ ▪▫ ▪▫ ▪▫ ▪▫ ▪▫ ▪▫ ▪▫ ▪▫ ▪▫ ▪▫ ▪▫ ▪▫ ▪▫ ▪▫ ▪▫ ▪▫ ▪▫ ▪▫ ▪▫ ▪▫ ▪▫ ▪▫ ▪▫ ▪▫ ▪▫ ▪▫ ▪▫ ▪▫ ▪▫ ▪▫ ▪▫ ▪▫ ▪▫ ▪▫ ▪▫ ▪▫ ▪▫ ▪▫ ▪▫ ▪▫ ▪▫ ▪▫ ▪▫ ▪▫ ▪▫ ▪▫ ▪▫ ▪▫ ▪▫ ▪▫ ▪▫
▪▫ ▪▫ ▪▫ ▪▫ ▪▫ ▪▫ ▪▫ ▪▫ ▪▫ ▪▫ ▪▫ ▪▫ ▪▫ ▪▫ ▪▫ ▪▫ ▪▫ ▪▫ ▪▫ ▪▫ ▪▫ ▪▫ ▪▫ ▪▫ ▪▫ ▪▫ ▪▫ ▪▫ ▪▫ ▪▫ ▪▫ ▪▫ ▪▫ ▪▫ ▪▫ ▪▫ ▪▫ ▪▫ ▪▫ ▪▫ ▪▫ ▪▫ ▪▫ ▪▫ ▪▫ ▪▫ ▪▫ ▪▫ ▪▫ ▪▫ ▪▫ ▪▫ ▪▫ ▪▫ ▪▫ ▪▫ ▪▫ ▪▫ ▪▫ ▪▫ ▪▫ ▪▫ ▪▫ ▪▫ ▪▫ ▪▫ ▪▫ ▪▫ ▪▫ ▪▫ ▪▫ ▪▫ ▪▫ ▪▫ ▪▫ ▪▫ ▪▫ ▪▫ ▪▫ ▪▫ ▪▫ ▪▫ ▪▫ ▪▫ ▪▫ ▪▫ ▪▫ ▪▫ ▪▫ ▪▫ ▪▫ ▪▫ ▪▫ ▪▫ ▪▫ ▪▫ ▪▫ ▪▫ ▪▫ ▪▫ ▪▫ ▪▫ ▪▫ ▪▫ ▪▫ ▪▫ ▪▫ ▪▫ ▪▫ ▪▫ ▪▫ ▪▫ ▪▫ ▪▫ ▪▫ ▪▫ ▪▫ ▪▫ ▪▫ ▪▫ ▪▫ ▪▫ ▪▫ ▪▫ ▪▫ ▪▫ ▪▫ ▪▫ ▪▫ ▪▫ ▪▫ ▪▫ ▪▫ ▪▫ ▪▫ ▪▫ ▪▫ ▪▫ ▪▫ ▪▫ ▪▫ ▪▫ ▪▫ ▪▫ ▪▫ ▪▫ ▪▫ ▪▫ ▪▫ ▪▫ ▪▫ ▪▫ ▪▫ ▪▫ ▪▫ ▪▫ ▪▫ ▪▫ ▪▫ ▪▫ ▪▫ ▪▫ ▪▫ ▪▫ ▪▫ ▪▫ ▪▫ ▪▫ ▪▫ ▪▫ ▪▫ ▪▫ ▪▫ ▪▫ ▪▫ ▪▫ ▪▫ ▪▫ ▪▫ ▪▫ ▪▫ ▪▫ ▪▫ ▪▫ ▪▫ ▪▫ ▪▫ ▪▫ ▪▫ ▪▫ ▪▫ ▪▫ ▪▫ ▪▫ ▪▫ ▪▫ ▪▫ ▪▫ ▪▫ ▪▫ ▪▫ ▪▫ ▪▫ ▪▫ ▪▫ ▪▫ ▪▫ ▪▫ ▪▫ ▪▫ ▪▫ ▪▫ ▪▫ ▪▫ ▪▫ ▪▫ ▪▫ ▪▫ ▪▫ ▪▫ ▪▫ ▪▫ ▪▫ ▪▫ ▪▫ ▪▫ ▪▫ ▪▫ ▪▫ ▪▫ ▪▫ ▪▫ ▪▫ ▪▫ ▪▫ ▪▫ ▪▫ ▪▫ ▪▫ ▪▫ ▪▫ ▪▫ ▪▫ ▪▫ ▪▫ ▪▫ ▪▫ ▪▫ ▪▫ ▪▫ ▪▫ ▪▫ ▪▫ ▪▫ ▪▫ ▪▫ ▪▫ ▪▫ ▪▫ ▪▫ ▪▫ ▪▫ ▪▫ ▪▫ ▪▫ ▪▫ ▪▫ ▪▫ ▪▫ ▪▫ ▪▫ ▪▫ ▪▫ ▪▫ ▪▫ ▪▫ ▪▫ ▪▫ ▪▫ ▪▫ ▪▫ ▪▫ ▪▫ ▪▫ ▪▫ ▪▫ ▪▫ ▪▫ ▪▫ ▪▫ ▪▫ ▪▫ ▪▫ ▪▫ ▪▫ ▪▫ ▪▫ ▪▫ ▪▫ ▪▫ ▪▫ ▪▫ ▪▫ ▪▫ ▪▫ ▪▫ ▪▫ ▪▫ ▪▫ ▪▫ ▪▫ ▪▫ ▪▫ ▪▫ ▪▫ ▪▫ ▪▫ ▪▫ ▪▫ ▪▫ ▪▫ ▪▫ ▪▫ ▪▫ ▪▫ ▪▫ ▪▫ ▪▫ ▪▫ ▪▫ ▪▫ ▪▫ ▪▫ ▪▫ ▪▫ ▪▫ ▪▫ ▪▫ ▪▫ ▪▫ ▪▫ ▪▫ ▪▫ ▪▫ ▪▫ ▪▫ ▪▫ ▪▫ ▪▫ ▪▫ ▪▫ ▪▫ ▪▫ ▪▫ ▪▫ ▪▫ ▪▫ ▪▫ ▪▫ ▪▫ ▪▫ ▪▫ ▪▫ ▪▫ ▪▫ ▪▫ ▪▫ ▪▫ ▪▫ ▪▫ ▪▫ ▪▫ ▪▫ ▪▫ ▪▫ ▪▫ ▪▫ ▪▫ ▪▫ ▪▫ ▪▫ ▪▫ ▪▫ ▪▫ ▪▫ ▪▫ ▪▫ ▪▫ ▪▫ ▪▫ ▪▫ ▪▫ ▪▫ ▪▫ ▪▫ ▪▫ ▪▫ ▪▫ ▪▫ ▪▫
